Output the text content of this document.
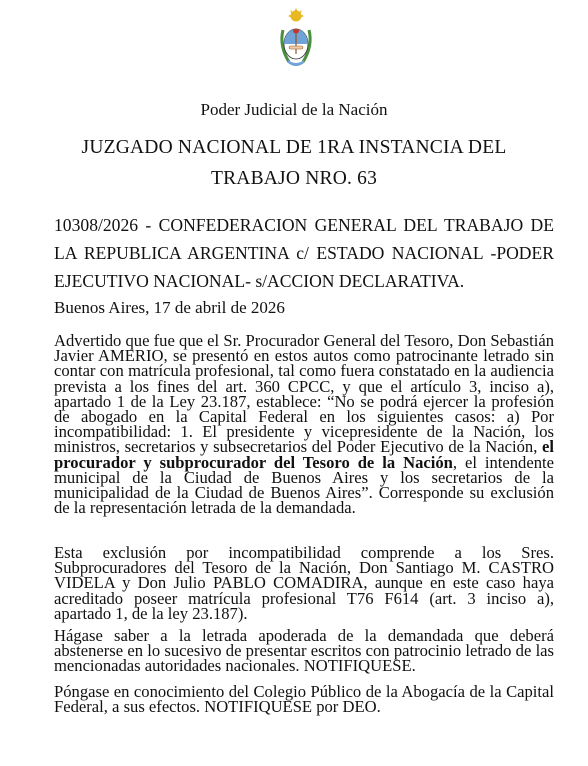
Poder Judicial de la Nación
JUZGADO NACIONAL DE 1RA INSTANCIA DEL
TRABAJO NRO. 63
10308/2026 - CONFEDERACION GENERAL DEL TRABAJO DE LA REPUBLICA ARGENTINA c/ ESTADO NACIONAL -PODER EJECUTIVO NACIONAL- s/ACCION DECLARATIVA.
Buenos Aires, 17 de abril de 2026
Advertido que fue que el Sr. Procurador General del Tesoro, Don Sebastián Javier AMERIO, se presentó en estos autos como patrocinante letrado sin contar con matrícula profesional, tal como fuera constatado en la audiencia prevista a los fines del art. 360 CPCC, y que el artículo 3, inciso a), apartado 1 de la Ley 23.187, establece: “No se podrá ejercer la profesión de abogado en la Capital Federal en los siguientes casos: a) Por incompatibilidad: 1. El presidente y vicepresidente de la Nación, los ministros, secretarios y subsecretarios del Poder Ejecutivo de la Nación, el procurador y subprocurador del Tesoro de la Nación, el intendente municipal de la Ciudad de Buenos Aires y los secretarios de la municipalidad de la Ciudad de Buenos Aires”. Corresponde su exclusión de la representación letrada de la demandada.
Esta exclusión por incompatibilidad comprende a los Sres. Subprocuradores del Tesoro de la Nación, Don Santiago M. CASTRO VIDELA y Don Julio PABLO COMADIRA, aunque en este caso haya acreditado poseer matrícula profesional T76 F614 (art. 3 inciso a), apartado 1, de la ley 23.187).
Hágase saber a la letrada apoderada de la demandada que deberá abstenerse en lo sucesivo de presentar escritos con patrocinio letrado de las mencionadas autoridades nacionales. NOTIFIQUESE.
Póngase en conocimiento del Colegio Público de la Abogacía de la Capital Federal, a sus efectos. NOTIFIQUESE por DEO.
